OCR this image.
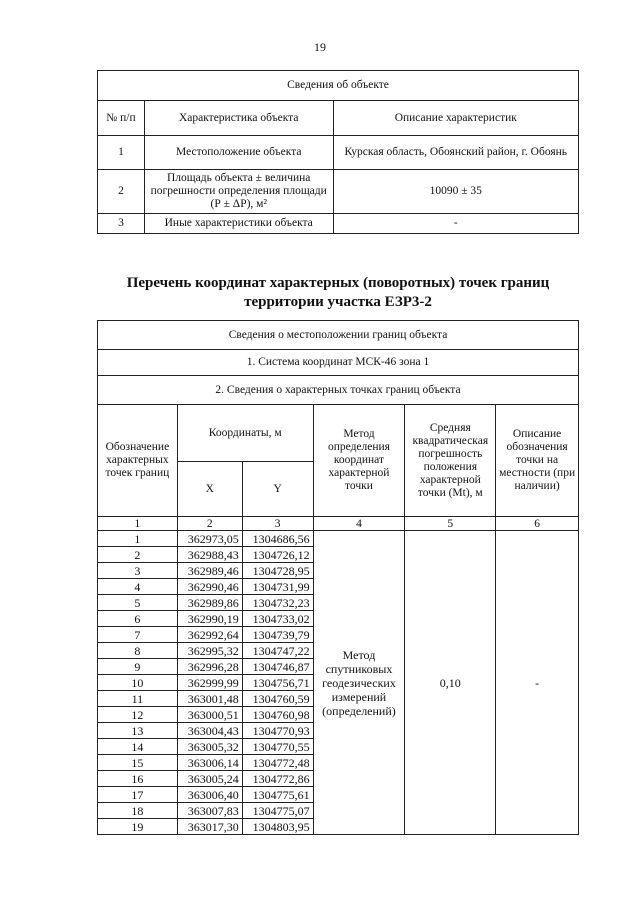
19
Сведения об объекте		
№ п/п	Характеристика объекта	Описание характеристик
1	Местоположение объекта	Курская область, Обоянский район, г. Обоянь
2	Площадь объекта ± величина погрешности определения площади (Р ± ΔР), м²	10090 ± 35
3	Иные характеристики объекта	-
Перечень координат характерных (поворотных) точек границ территории участка ЕЗР3-2
Сведения о местоположении границ объекта					
1. Система координат МСК-46 зона 1					
2. Сведения о характерных точках границ объекта					
Обозначение характерных точек границ	Координаты, м		Метод определения координат характерной точки	Средняя квадратическая погрешность положения характерной точки (Mt), м	Описание обозначения точки на местности (при наличии)
	X	Y			
1	2	3	4	5	6
1	362973,05	1304686,56	Метод спутниковых геодезических измерений (определений)	0,10	-
2	362988,43	1304726,12			
3	362989,46	1304728,95			
4	362990,46	1304731,99			
5	362989,86	1304732,23			
6	362990,19	1304733,02			
7	362992,64	1304739,79			
8	362995,32	1304747,22			
9	362996,28	1304746,87			
10	362999,99	1304756,71			
11	363001,48	1304760,59			
12	363000,51	1304760,98			
13	363004,43	1304770,93			
14	363005,32	1304770,55			
15	363006,14	1304772,48			
16	363005,24	1304772,86			
17	363006,40	1304775,61			
18	363007,83	1304775,07			
19	363017,30	1304803,95			
